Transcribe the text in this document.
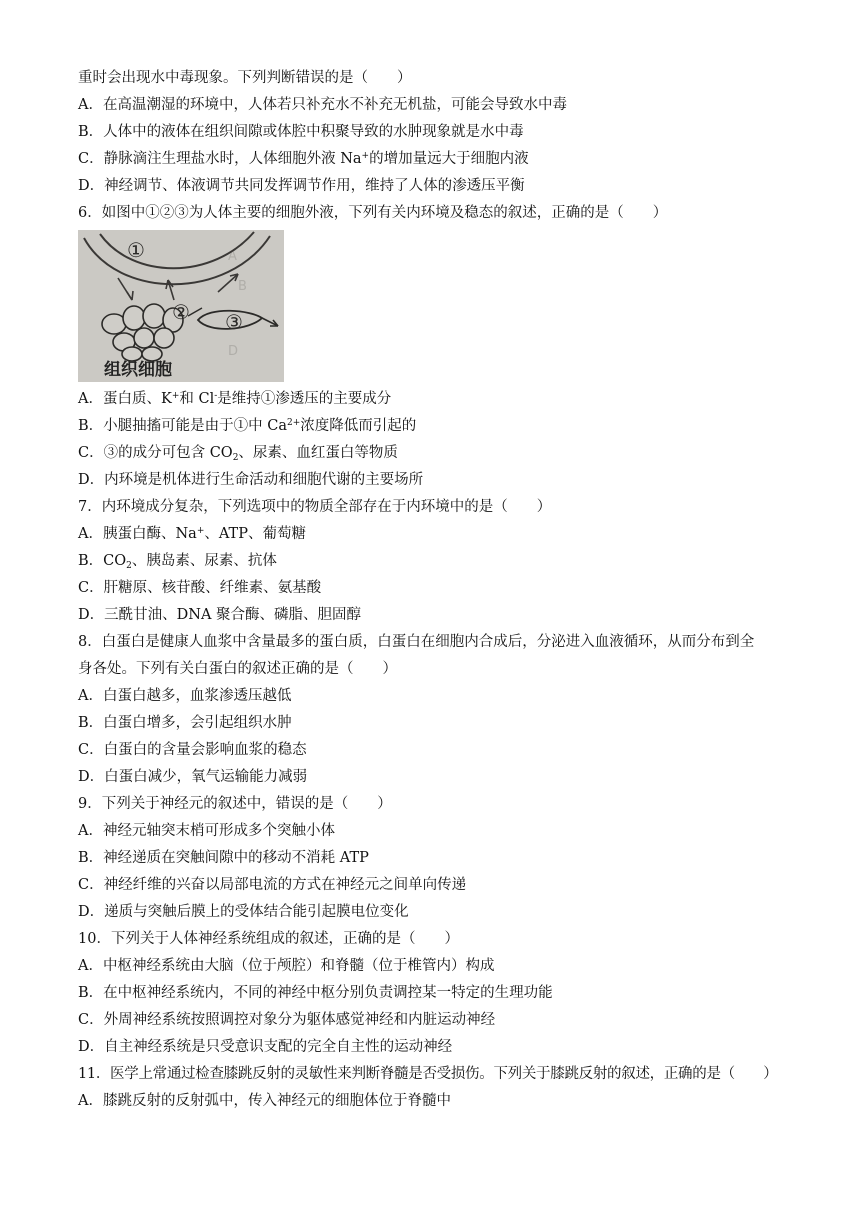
重时会出现水中毒现象。下列判断错误的是（　　）
A．在高温潮湿的环境中，人体若只补充水不补充无机盐，可能会导致水中毒
B．人体中的液体在组织间隙或体腔中积聚导致的水肿现象就是水中毒
C．静脉滴注生理盐水时，人体细胞外液 Na+的增加量远大于细胞内液
D．神经调节、体液调节共同发挥调节作用，维持了人体的渗透压平衡
6．如图中①②③为人体主要的细胞外液，下列有关内环境及稳态的叙述，正确的是（　　）
A
B
D
①
② ③
组织细胞
A．蛋白质、K+和 Cl-是维持①渗透压的主要成分
B．小腿抽搐可能是由于①中 $Ca^{2+}$浓度降低而引起的
C．③的成分可包含 $CO_2$、尿素、血红蛋白等物质
D．内环境是机体进行生命活动和细胞代谢的主要场所
7．内环境成分复杂，下列选项中的物质全部存在于内环境中的是（　　）
A．胰蛋白酶、Na+、ATP、葡萄糖
B．$CO_2$、胰岛素、尿素、抗体
C．肝糖原、核苷酸、纤维素、氨基酸
D．三酰甘油、DNA 聚合酶、磷脂、胆固醇
8．白蛋白是健康人血浆中含量最多的蛋白质，白蛋白在细胞内合成后，分泌进入血液循环，从而分布到全
身各处。下列有关白蛋白的叙述正确的是（　　）
A．白蛋白越多，血浆渗透压越低
B．白蛋白增多，会引起组织水肿
C．白蛋白的含量会影响血浆的稳态
D．白蛋白减少，氧气运输能力减弱
9．下列关于神经元的叙述中，错误的是（　　）
A．神经元轴突末梢可形成多个突触小体
B．神经递质在突触间隙中的移动不消耗 ATP
C．神经纤维的兴奋以局部电流的方式在神经元之间单向传递
D．递质与突触后膜上的受体结合能引起膜电位变化
10．下列关于人体神经系统组成的叙述，正确的是（　　）
A．中枢神经系统由大脑（位于颅腔）和脊髓（位于椎管内）构成
B．在中枢神经系统内，不同的神经中枢分别负责调控某一特定的生理功能
C．外周神经系统按照调控对象分为躯体感觉神经和内脏运动神经
D．自主神经系统是只受意识支配的完全自主性的运动神经
11．医学上常通过检查膝跳反射的灵敏性来判断脊髓是否受损伤。下列关于膝跳反射的叙述，正确的是（　　）
A．膝跳反射的反射弧中，传入神经元的细胞体位于脊髓中
